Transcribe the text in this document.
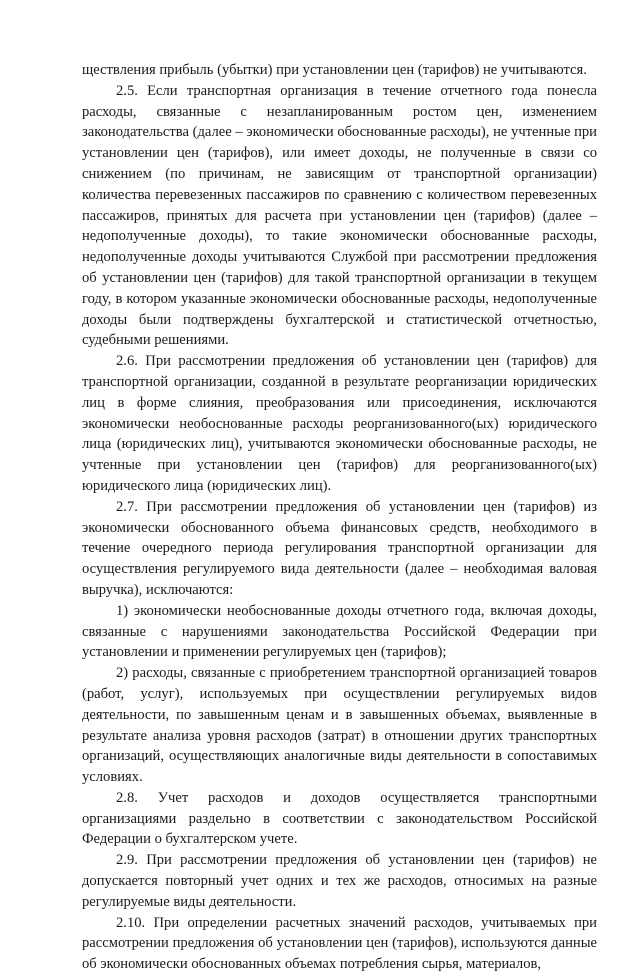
ществления прибыль (убытки) при установлении цен (тарифов) не учитываются.

2.5. Если транспортная организация в течение отчетного года понесла расходы, связанные с незапланированным ростом цен, изменением законодательства (далее – экономически обоснованные расходы), не учтенные при установлении цен (тарифов), или имеет доходы, не полученные в связи со снижением (по причинам, не зависящим от транспортной организации) количества перевезенных пассажиров по сравнению с количеством перевезенных пассажиров, принятых для расчета при установлении цен (тарифов) (далее – недополученные доходы), то такие экономически обоснованные расходы, недополученные доходы учитываются Службой при рассмотрении предложения об установлении цен (тарифов) для такой транспортной организации в текущем году, в котором указанные экономически обоснованные расходы, недополученные доходы были подтверждены бухгалтерской и статистической отчетностью, судебными решениями.

2.6. При рассмотрении предложения об установлении цен (тарифов) для транспортной организации, созданной в результате реорганизации юридических лиц в форме слияния, преобразования или присоединения, исключаются экономически необоснованные расходы реорганизованного(ых) юридического лица (юридических лиц), учитываются экономически обоснованные расходы, не учтенные при установлении цен (тарифов) для реорганизованного(ых) юридического лица (юридических лиц).

2.7. При рассмотрении предложения об установлении цен (тарифов) из экономически обоснованного объема финансовых средств, необходимого в течение очередного периода регулирования транспортной организации для осуществления регулируемого вида деятельности (далее – необходимая валовая выручка), исключаются:

1) экономически необоснованные доходы отчетного года, включая доходы, связанные с нарушениями законодательства Российской Федерации при установлении и применении регулируемых цен (тарифов);

2) расходы, связанные с приобретением транспортной организацией товаров (работ, услуг), используемых при осуществлении регулируемых видов деятельности, по завышенным ценам и в завышенных объемах, выявленные в результате анализа уровня расходов (затрат) в отношении других транспортных организаций, осуществляющих аналогичные виды деятельности в сопоставимых условиях.

2.8. Учет расходов и доходов осуществляется транспортными организациями раздельно в соответствии с законодательством Российской Федерации о бухгалтерском учете.

2.9. При рассмотрении предложения об установлении цен (тарифов) не допускается повторный учет одних и тех же расходов, относимых на разные регулируемые виды деятельности.

2.10. При определении расчетных значений расходов, учитываемых при рассмотрении предложения об установлении цен (тарифов), используются данные об экономически обоснованных объемах потребления сырья, материалов,
